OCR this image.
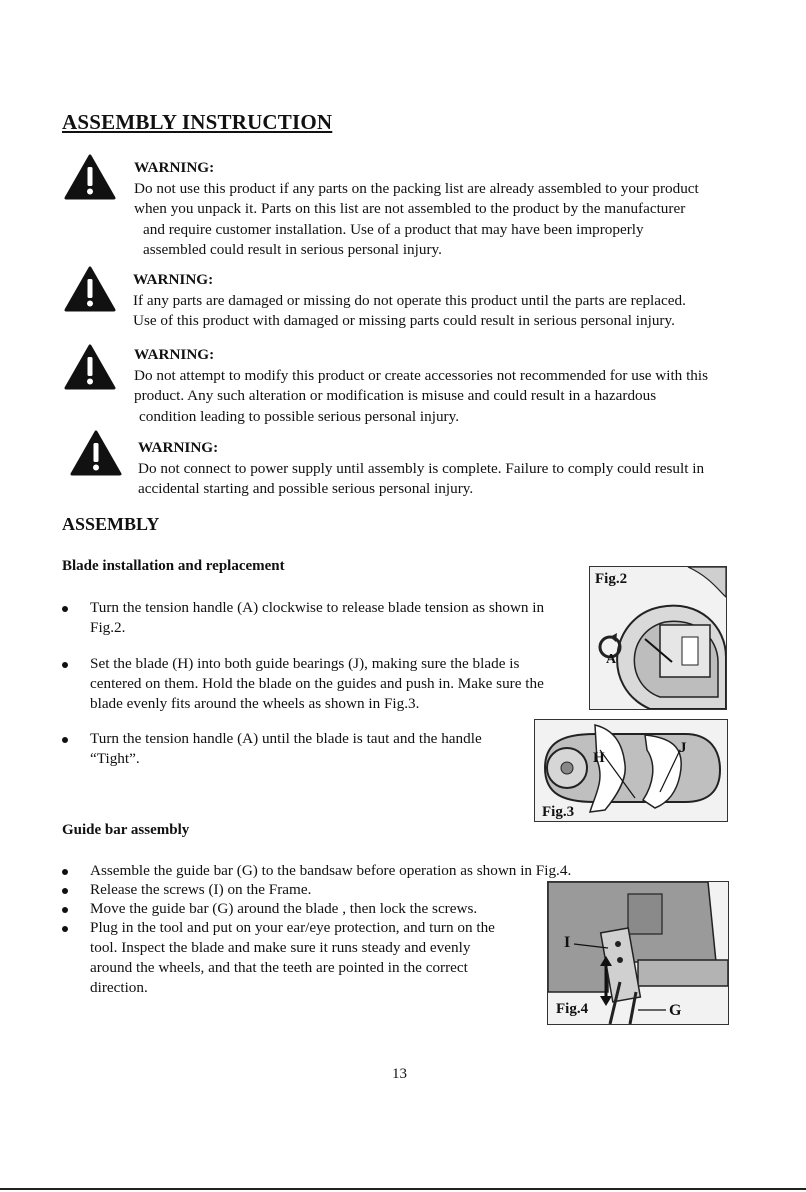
ASSEMBLY INSTRUCTION
WARNING:
Do not use this product if any parts on the packing list are already assembled to your product
when you unpack it. Parts on this list are not assembled to the product by the manufacturer
and require customer installation. Use of a product that may have been improperly
assembled could result in serious personal injury.
WARNING:
If any parts are damaged or missing do not operate this product until the parts are replaced.
Use of this product with damaged or missing parts could result in serious personal injury.
WARNING:
Do not attempt to modify this product or create accessories not recommended for use with this
product. Any such alteration or modification is misuse and could result in a hazardous
condition leading to possible serious personal injury.
WARNING:
Do not connect to power supply until assembly is complete. Failure to comply could result in
accidental starting and possible serious personal injury.
ASSEMBLY
Blade installation and replacement
Turn the tension handle (A) clockwise to release blade tension as shown in
Fig.2.
Set the blade (H) into both guide bearings (J), making sure the blade is
centered on them. Hold the blade on the guides and push in. Make sure the
blade evenly fits around the wheels as shown in Fig.3.
Turn the tension handle (A) until the blade is taut and the handle
“Tight”.
Guide bar assembly
Assemble the guide bar (G) to the bandsaw before operation as shown in Fig.4.
Release the screws (I) on the Frame.
Move the guide bar (G) around the blade , then lock the screws.
Plug in the tool and put on your ear/eye protection, and turn on the
tool. Inspect the blade and make sure it runs steady and evenly
around the wheels, and that the teeth are pointed in the correct
direction.
Fig.2
A
Fig.3
H
J
I
Fig.4	G
13
